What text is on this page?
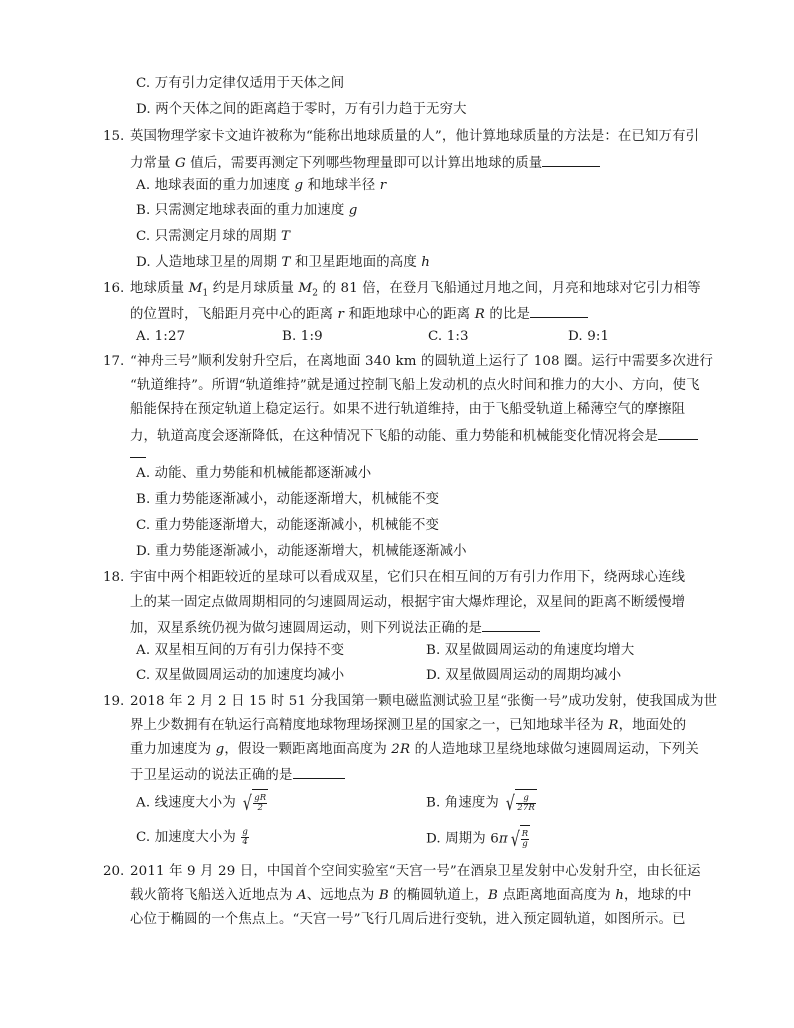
C. 万有引力定律仅适用于天体之间
D. 两个天体之间的距离趋于零时，万有引力趋于无穷大
15. 英国物理学家卡文迪许被称为“能称出地球质量的人”，他计算地球质量的方法是：在已知万有引
力常量 G 值后，需要再测定下列哪些物理量即可以计算出地球的质量
A. 地球表面的重力加速度 g 和地球半径 r
B. 只需测定地球表面的重力加速度 g
C. 只需测定月球的周期 T
D. 人造地球卫星的周期 T 和卫星距地面的高度 h
16. 地球质量 $M_1$ 约是月球质量 $M_2$ 的 81 倍，在登月飞船通过月地之间，月亮和地球对它引力相等
的位置时，飞船距月亮中心的距离 r 和距地球中心的距离 R 的比是
A. 1:27	B. 1:9	C. 1:3	D. 9:1
17. “神舟三号”顺利发射升空后，在离地面 340 km 的圆轨道上运行了 108 圈。运行中需要多次进行
“轨道维持”。所谓“轨道维持”就是通过控制飞船上发动机的点火时间和推力的大小、方向，使飞
船能保持在预定轨道上稳定运行。如果不进行轨道维持，由于飞船受轨道上稀薄空气的摩擦阻
力，轨道高度会逐渐降低，在这种情况下飞船的动能、重力势能和机械能变化情况将会是
A. 动能、重力势能和机械能都逐渐减小
B. 重力势能逐渐减小，动能逐渐增大，机械能不变
C. 重力势能逐渐增大，动能逐渐减小，机械能不变
D. 重力势能逐渐减小，动能逐渐增大，机械能逐渐减小
18. 宇宙中两个相距较近的星球可以看成双星，它们只在相互间的万有引力作用下，绕两球心连线
上的某一固定点做周期相同的匀速圆周运动，根据宇宙大爆炸理论，双星间的距离不断缓慢增
加，双星系统仍视为做匀速圆周运动，则下列说法正确的是
A. 双星相互间的万有引力保持不变	B. 双星做圆周运动的角速度均增大
C. 双星做圆周运动的加速度均减小	D. 双星做圆周运动的周期均减小
19. 2018 年 2 月 2 日 15 时 51 分我国第一颗电磁监测试验卫星“张衡一号”成功发射，使我国成为世
界上少数拥有在轨运行高精度地球物理场探测卫星的国家之一，已知地球半径为 R，地面处的
重力加速度为 g，假设一颗距离地面高度为 2R 的人造地球卫星绕地球做匀速圆周运动，下列关
于卫星运动的说法正确的是
A. 线速度大小为 √ $\frac{gR}{2}$	B. 角速度为 √ $\frac{g}{27R}$
C. 加速度大小为 $\frac{g}{4}$	D. 周期为 6π √ $\frac{R}{g}$
20. 2011 年 9 月 29 日，中国首个空间实验室“天宫一号”在酒泉卫星发射中心发射升空，由长征运
载火箭将飞船送入近地点为 A、远地点为 B 的椭圆轨道上，B 点距离地面高度为 h，地球的中
心位于椭圆的一个焦点上。“天宫一号”飞行几周后进行变轨，进入预定圆轨道，如图所示。已
